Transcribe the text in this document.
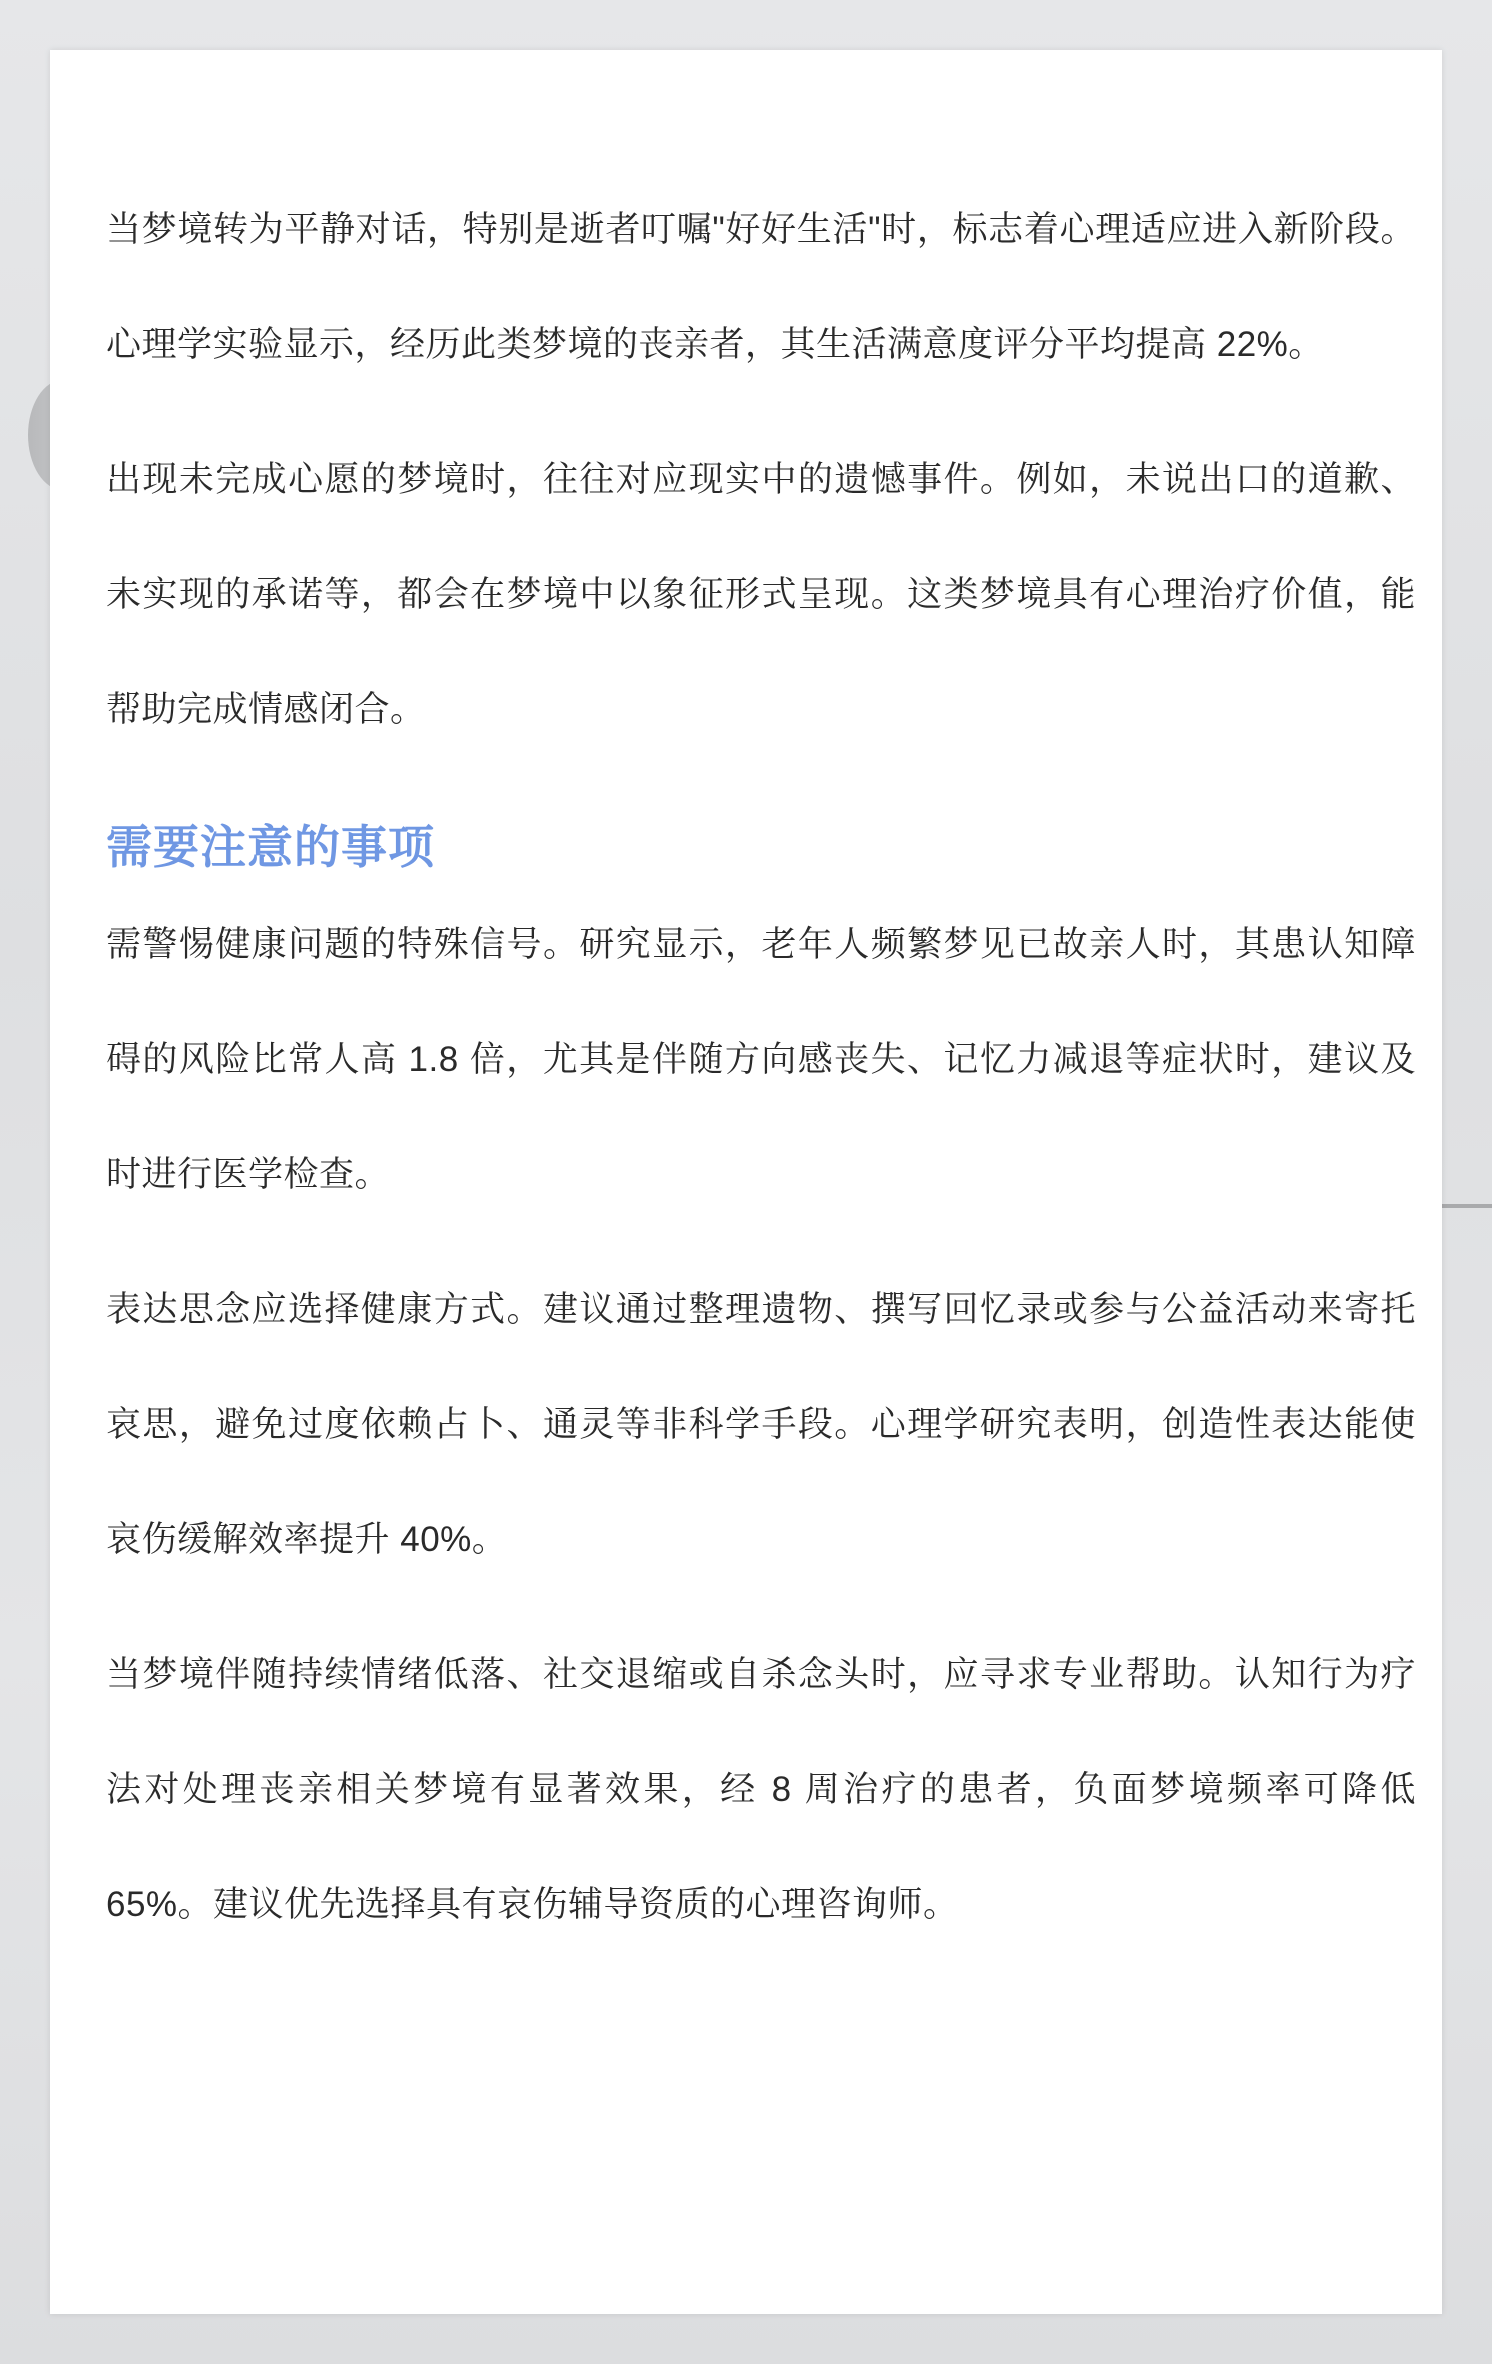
当梦境转为平静对话，特别是逝者叮嘱"好好生活"时，标志着心理适应进入新阶段。心理学实验显示，经历此类梦境的丧亲者，其生活满意度评分平均提高 22%。

出现未完成心愿的梦境时，往往对应现实中的遗憾事件。例如，未说出口的道歉、未实现的承诺等，都会在梦境中以象征形式呈现。这类梦境具有心理治疗价值，能帮助完成情感闭合。

需要注意的事项

需警惕健康问题的特殊信号。研究显示，老年人频繁梦见已故亲人时，其患认知障碍的风险比常人高 1.8 倍，尤其是伴随方向感丧失、记忆力减退等症状时，建议及时进行医学检查。

表达思念应选择健康方式。建议通过整理遗物、撰写回忆录或参与公益活动来寄托哀思，避免过度依赖占卜、通灵等非科学手段。心理学研究表明，创造性表达能使哀伤缓解效率提升 40%。

当梦境伴随持续情绪低落、社交退缩或自杀念头时，应寻求专业帮助。认知行为疗法对处理丧亲相关梦境有显著效果，经 8 周治疗的患者，负面梦境频率可降低 65%。建议优先选择具有哀伤辅导资质的心理咨询师。
